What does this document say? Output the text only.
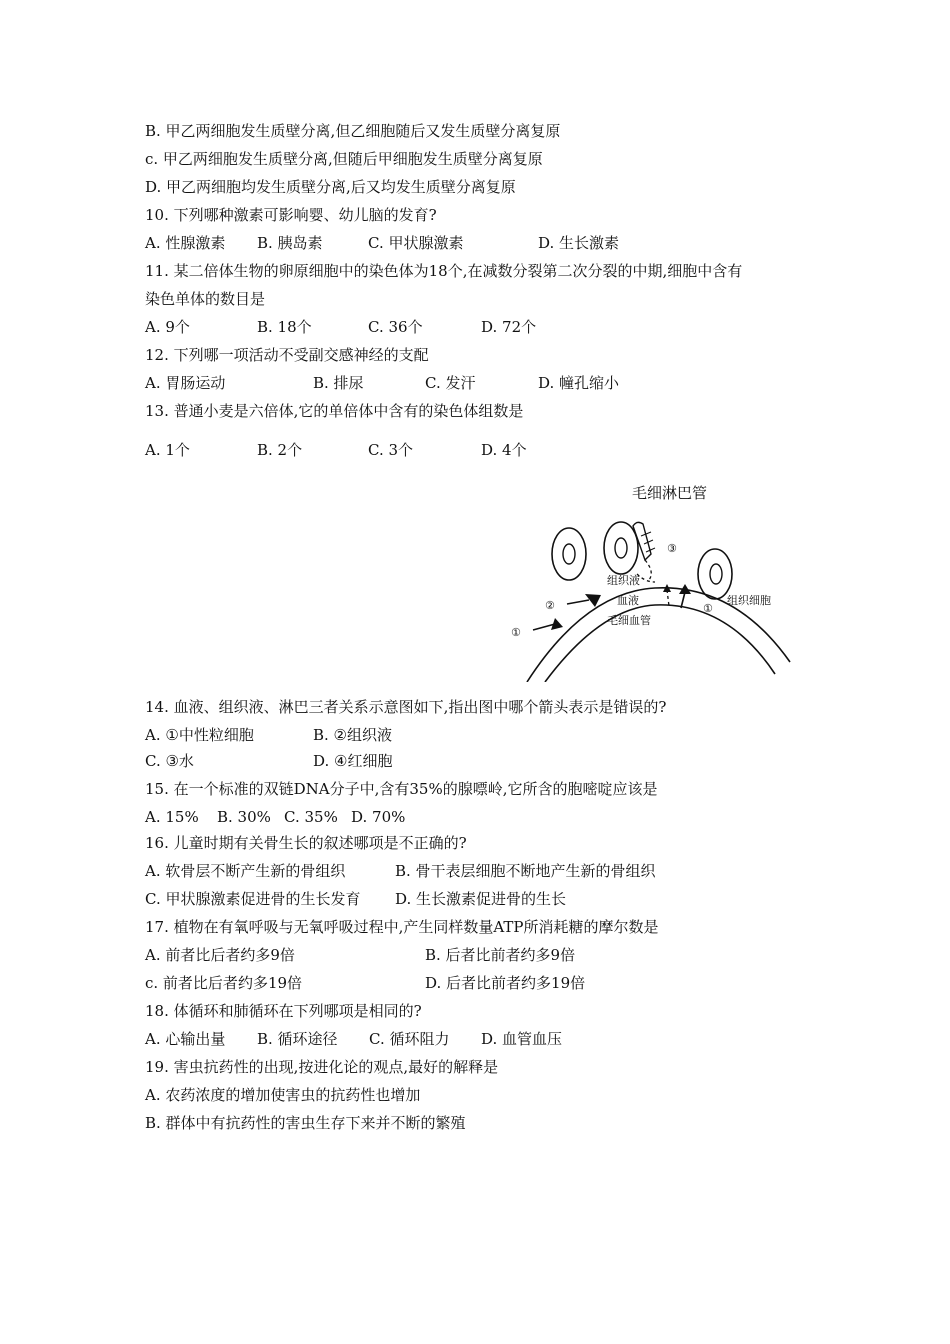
B. 甲乙两细胞发生质壁分离,但乙细胞随后又发生质壁分离复原
c. 甲乙两细胞发生质壁分离,但随后甲细胞发生质壁分离复原
D. 甲乙两细胞均发生质壁分离,后又均发生质壁分离复原
10. 下列哪种激素可影响婴、幼儿脑的发育?
A. 性腺激素 B. 胰岛素	C. 甲状腺激素	D. 生长激素
11. 某二倍体生物的卵原细胞中的染色体为18个,在减数分裂第二次分裂的中期,细胞中含有
染色单体的数目是
A. 9个	B. 18个	C. 36个	D. 72个
12. 下列哪一项活动不受副交感神经的支配
A. 胃肠运动	B. 排尿	C. 发汗	D. 幢孔缩小
13. 普通小麦是六倍体,它的单倍体中含有的染色体组数是
A. 1个	B. 2个	C. 3个	D. 4个
毛细淋巴管
组织液
血液
毛细血管
组织细胞
①
②
③
①
14. 血液、组织液、淋巴三者关系示意图如下,指出图中哪个箭头表示是错误的?
A. ①中性粒细胞	B. ②组织液
C. ③水	D. ④红细胞
15. 在一个标准的双链DNA分子中,含有35%的腺嘌岭,它所含的胞嘧啶应该是
A. 15% B. 30% C. 35% D. 70%
16. 儿童时期有关骨生长的叙述哪项是不正确的?
A. 软骨层不断产生新的骨组织	B. 骨干表层细胞不断地产生新的骨组织
C. 甲状腺激素促进骨的生长发育 D. 生长激素促进骨的生长
17. 植物在有氧呼吸与无氧呼吸过程中,产生同样数量ATP所消耗糖的摩尔数是
A. 前者比后者约多9倍	B. 后者比前者约多9倍
c. 前者比后者约多19倍	D. 后者比前者约多19倍
18. 体循环和肺循环在下列哪项是相同的?
A. 心输出量 B. 循环途径 C. 循环阻力 D. 血管血压
19. 害虫抗药性的出现,按进化论的观点,最好的解释是
A. 农药浓度的增加使害虫的抗药性也增加
B. 群体中有抗药性的害虫生存下来并不断的繁殖
